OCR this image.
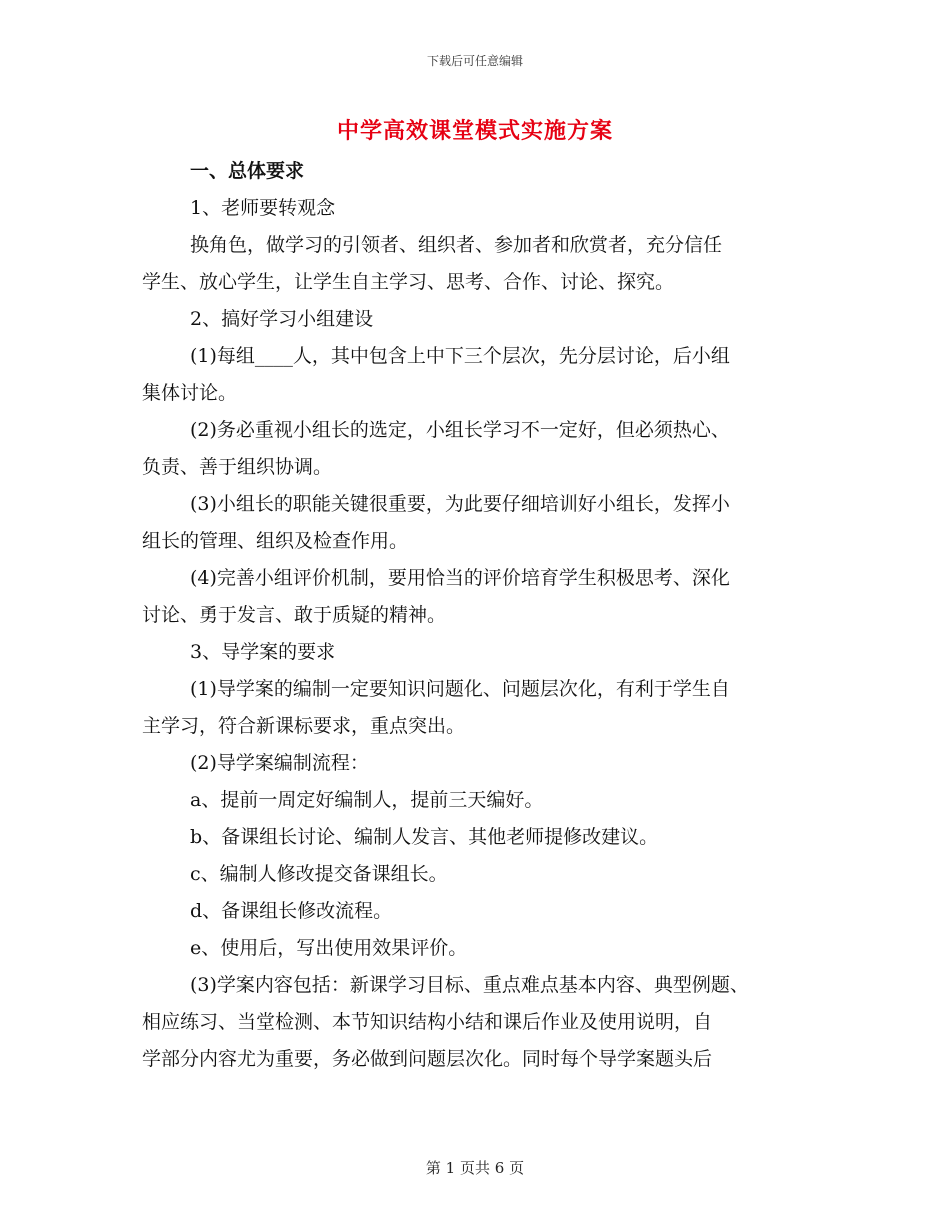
下载后可任意编辑
中学高效课堂模式实施方案
一、总体要求
1、老师要转观念
换角色，做学习的引领者、组织者、参加者和欣赏者，充分信任
学生、放心学生，让学生自主学习、思考、合作、讨论、探究。
2、搞好学习小组建设
(1)每组____人，其中包含上中下三个层次，先分层讨论，后小组
集体讨论。
(2)务必重视小组长的选定，小组长学习不一定好，但必须热心、
负责、善于组织协调。
(3)小组长的职能关键很重要，为此要仔细培训好小组长，发挥小
组长的管理、组织及检查作用。
(4)完善小组评价机制，要用恰当的评价培育学生积极思考、深化
讨论、勇于发言、敢于质疑的精神。
3、导学案的要求
(1)导学案的编制一定要知识问题化、问题层次化，有利于学生自
主学习，符合新课标要求，重点突出。
(2)导学案编制流程：
a、提前一周定好编制人，提前三天编好。
b、备课组长讨论、编制人发言、其他老师提修改建议。
c、编制人修改提交备课组长。
d、备课组长修改流程。
e、使用后，写出使用效果评价。
(3)学案内容包括：新课学习目标、重点难点基本内容、典型例题、
相应练习、当堂检测、本节知识结构小结和课后作业及使用说明，自
学部分内容尤为重要，务必做到问题层次化。同时每个导学案题头后
第 1 页共 6 页
